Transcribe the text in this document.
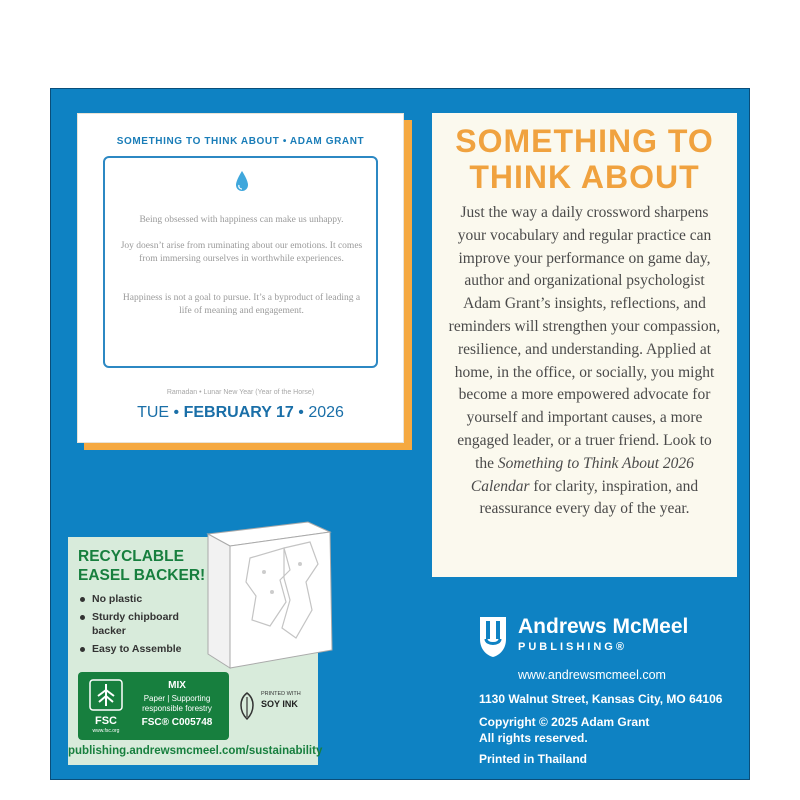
SOMETHING TO THINK ABOUT • ADAM GRANT
Being obsessed with happiness can make us unhappy.
Joy doesn’t arise from ruminating about our emotions. It comes from immersing ourselves in worthwhile experiences.
Happiness is not a goal to pursue. It’s a byproduct of leading a life of meaning and engagement.
Ramadan • Lunar New Year (Year of the Horse)
TUE • FEBRUARY 17 • 2026
SOMETHING TO
THINK ABOUT
Just the way a daily crossword sharpens your vocabulary and regular practice can improve your performance on game day, author and organizational psychologist Adam Grant’s insights, reflections, and reminders will strengthen your compassion, resilience, and understanding. Applied at home, in the office, or socially, you might become a more empowered advocate for yourself and important causes, a more engaged leader, or a truer friend. Look to the Something to Think About 2026 Calendar for clarity, inspiration, and reassurance every day of the year.
RECYCLABLE
EASEL BACKER!
No plastic
Sturdy chipboard backer
Easy to Assemble
FSC
www.fsc.org
MIX
Paper | Supporting responsible forestry
FSC® C005748
PRINTED WITH
SOY INK
publishing.andrewsmcmeel.com/sustainability
Andrews McMeel
PUBLISHING®
www.andrewsmcmeel.com
1130 Walnut Street, Kansas City, MO 64106
Copyright © 2025 Adam Grant
All rights reserved.
Printed in Thailand
